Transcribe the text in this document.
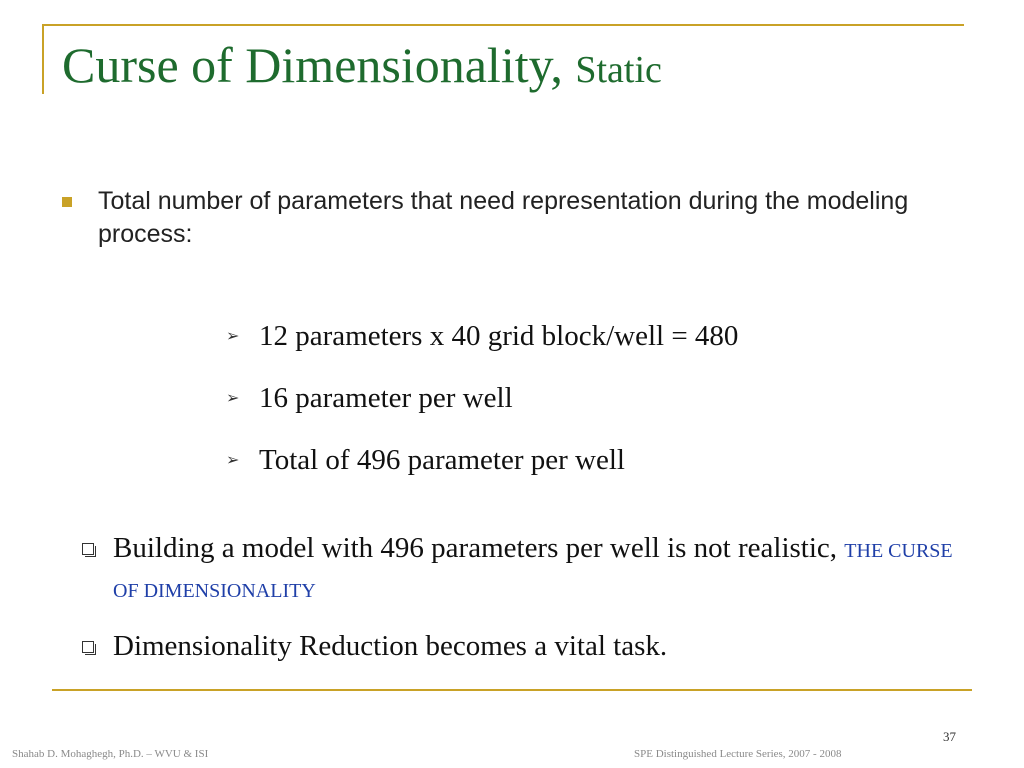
Curse of Dimensionality, Static
Total number of parameters that need representation during the modeling process:
➢ 12 parameters x 40 grid block/well = 480
➢ 16 parameter per well
➢ Total of 496 parameter per well
Building a model with 496 parameters per well is not realistic, THE CURSE OF DIMENSIONALITY
Dimensionality Reduction becomes a vital task.
37
Shahab D. Mohaghegh, Ph.D. – WVU & ISI	SPE Distinguished Lecture Series, 2007 - 2008
